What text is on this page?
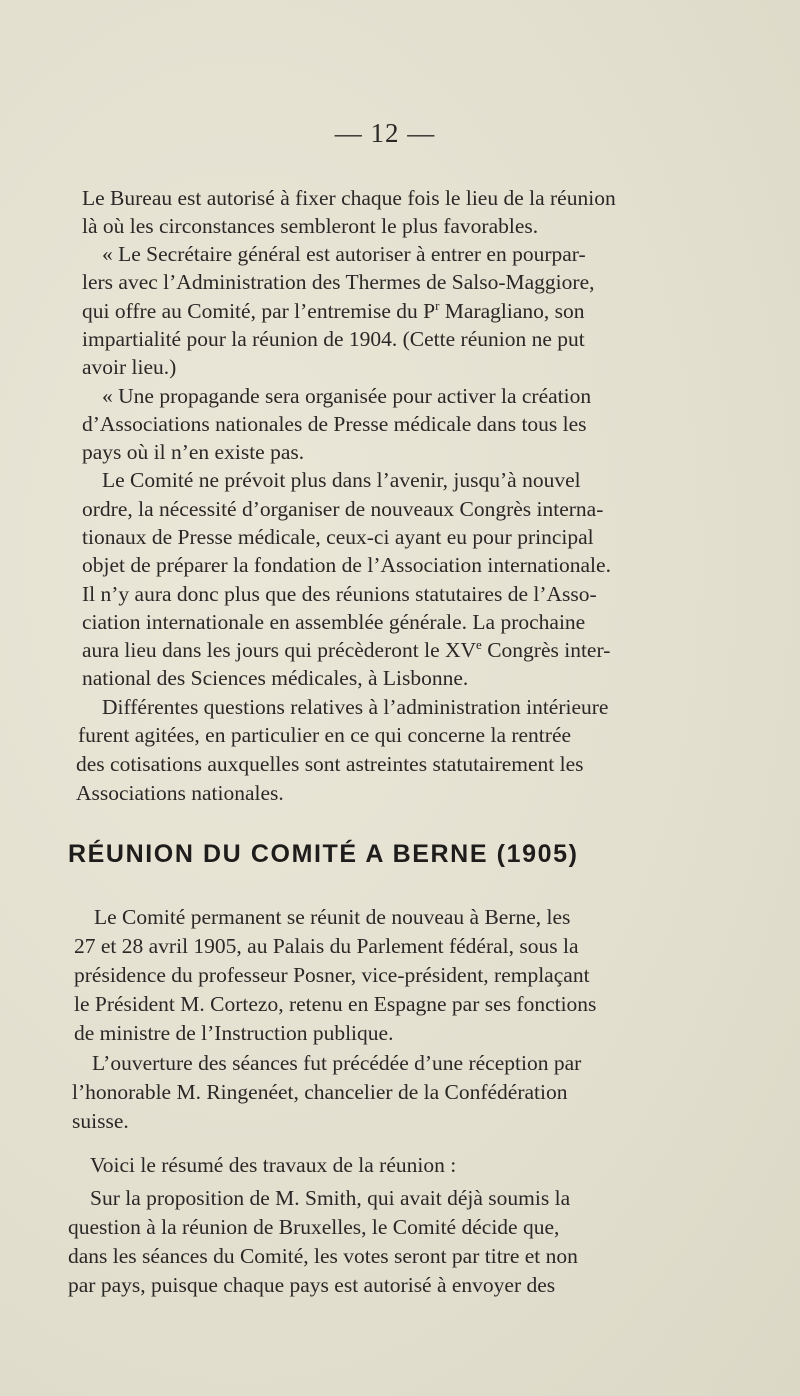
— 12 —
Le Bureau est autorisé à fixer chaque fois le lieu de la réunion
là où les circonstances sembleront le plus favorables.
« Le Secrétaire général est autoriser à entrer en pourpar-
lers avec l’Administration des Thermes de Salso-Maggiore,
qui offre au Comité, par l’entremise du $P^r$ Maragliano, son
impartialité pour la réunion de 1904. (Cette réunion ne put
avoir lieu.)
« Une propagande sera organisée pour activer la création
d’Associations nationales de Presse médicale dans tous les
pays où il n’en existe pas.
Le Comité ne prévoit plus dans l’avenir, jusqu’à nouvel
ordre, la nécessité d’organiser de nouveaux Congrès interna-
tionaux de Presse médicale, ceux-ci ayant eu pour principal
objet de préparer la fondation de l’Association internationale.
Il n’y aura donc plus que des réunions statutaires de l’Asso-
ciation internationale en assemblée générale. La prochaine
aura lieu dans les jours qui précèderont le XVe Congrès inter-
national des Sciences médicales, à Lisbonne.
Différentes questions relatives à l’administration intérieure
furent agitées, en particulier en ce qui concerne la rentrée
des cotisations auxquelles sont astreintes statutairement les
Associations nationales.
RÉUNION DU COMITÉ A BERNE (1905)
Le Comité permanent se réunit de nouveau à Berne, les
27 et 28 avril 1905, au Palais du Parlement fédéral, sous la
présidence du professeur Posner, vice-président, remplaçant
le Président M. Cortezo, retenu en Espagne par ses fonctions
de ministre de l’Instruction publique.
L’ouverture des séances fut précédée d’une réception par
l’honorable M. Ringenéet, chancelier de la Confédération
suisse.
Voici le résumé des travaux de la réunion :
Sur la proposition de M. Smith, qui avait déjà soumis la
question à la réunion de Bruxelles, le Comité décide que,
dans les séances du Comité, les votes seront par titre et non
par pays, puisque chaque pays est autorisé à envoyer des
